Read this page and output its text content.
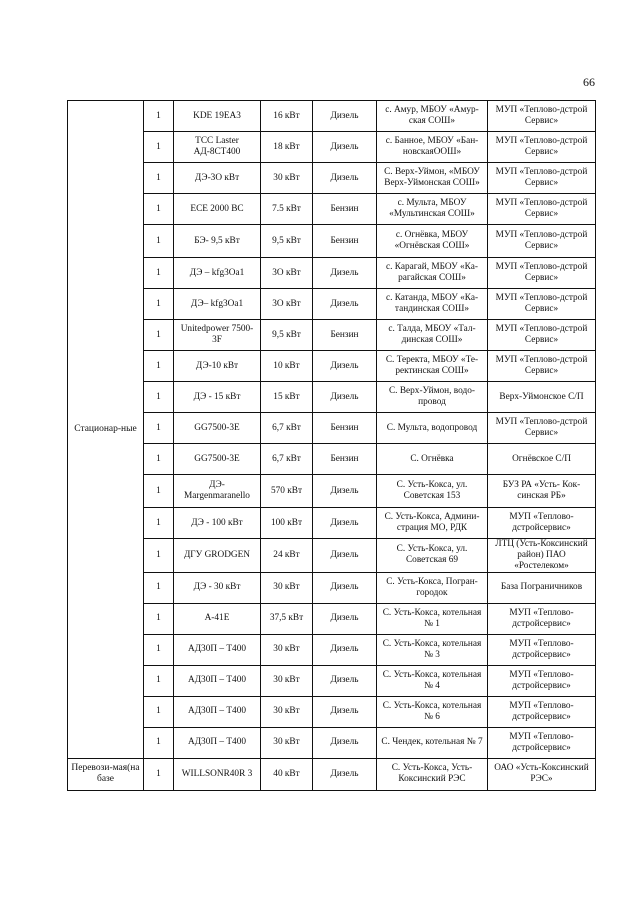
66
Стационар-ные	1	KDE 19EA3	16 кВт	Дизель	с. Амур, МБОУ «Амур-ская СОШ»	МУП «Теплово-дстрой Сервис»
	1	ТСС Laster АД-8СТ400	18 кВт	Дизель	с. Банное, МБОУ «Бан-новскаяООШ»	МУП «Теплово-дстрой Сервис»
	1	ДЭ-3О кВт	30 кВт	Дизель	С. Верх-Уймон, «МБОУ Верх-Уймонская СОШ»	МУП «Теплово-дстрой Сервис»
	1	ECE 2000 BC	7.5 кВт	Бензин	с. Мульта, МБОУ «Мультинская СОШ»	МУП «Теплово-дстрой Сервис»
	1	БЭ- 9,5 кВт	9,5 кВт	Бензин	с. Огнёвка, МБОУ «Огнёвская СОШ»	МУП «Теплово-дстрой Сервис»
	1	ДЭ – kfg3Oa1	3О кВт	Дизель	с. Карагай, МБОУ «Ка-рагайская СОШ»	МУП «Теплово-дстрой Сервис»
	1	ДЭ– kfg3Oa1	3О кВт	Дизель	с. Катанда, МБОУ «Ка-тандинская СОШ»	МУП «Теплово-дстрой Сервис»
	1	Unitedpower 7500-3F	9,5 кВт	Бензин	с. Талда, МБОУ «Тал-динская СОШ»	МУП «Теплово-дстрой Сервис»
	1	ДЭ-10 кВт	10 кВт	Дизель	С. Теректа, МБОУ «Те-ректинская СОШ»	МУП «Теплово-дстрой Сервис»
	1	ДЭ - 15 кВт	15 кВт	Дизель	С. Верх-Уймон, водо-провод	Верх-Уймонское С/П
	1	GG7500-3E	6,7 кВт	Бензин	С. Мульта, водопровод	МУП «Теплово-дстрой Сервис»
	1	GG7500-3E	6,7 кВт	Бензин	С. Огнёвка	Огнёвское С/П
	1	ДЭ-Margenmaranello	570 кВт	Дизель	С. Усть-Кокса, ул. Советская 153	БУЗ РА «Усть- Кок-синская РБ»
	1	ДЭ - 100 кВт	100 кВт	Дизель	С. Усть-Кокса, Админи-страция МО, РДК	МУП «Теплово-дстройсервис»
	1	ДГУ GRODGEN	24 кВт	Дизель	С. Усть-Кокса, ул. Советская 69	ЛТЦ (Усть-Коксинский район) ПАО «Ростелеком»
	1	ДЭ - 30 кВт	30 кВт	Дизель	С. Усть-Кокса, Погран-городок	База Пограничников
	1	A-41E	37,5 кВт	Дизель	С. Усть-Кокса, котельная № 1	МУП «Теплово-дстройсервис»
	1	АД30П – Т400	30 кВт	Дизель	С. Усть-Кокса, котельная № 3	МУП «Теплово-дстройсервис»
	1	АД30П – Т400	30 кВт	Дизель	С. Усть-Кокса, котельная № 4	МУП «Теплово-дстройсервис»
	1	АД30П – Т400	30 кВт	Дизель	С. Усть-Кокса, котельная № 6	МУП «Теплово-дстройсервис»
	1	АД30П – Т400	30 кВт	Дизель	С. Чендек, котельная № 7	МУП «Теплово-дстройсервис»
Перевози-мая(на базе	1	WILLSONR40R 3	40 кВт	Дизель	С. Усть-Кокса, Усть-Коксинский РЭС	ОАО «Усть-Коксинский РЭС»
